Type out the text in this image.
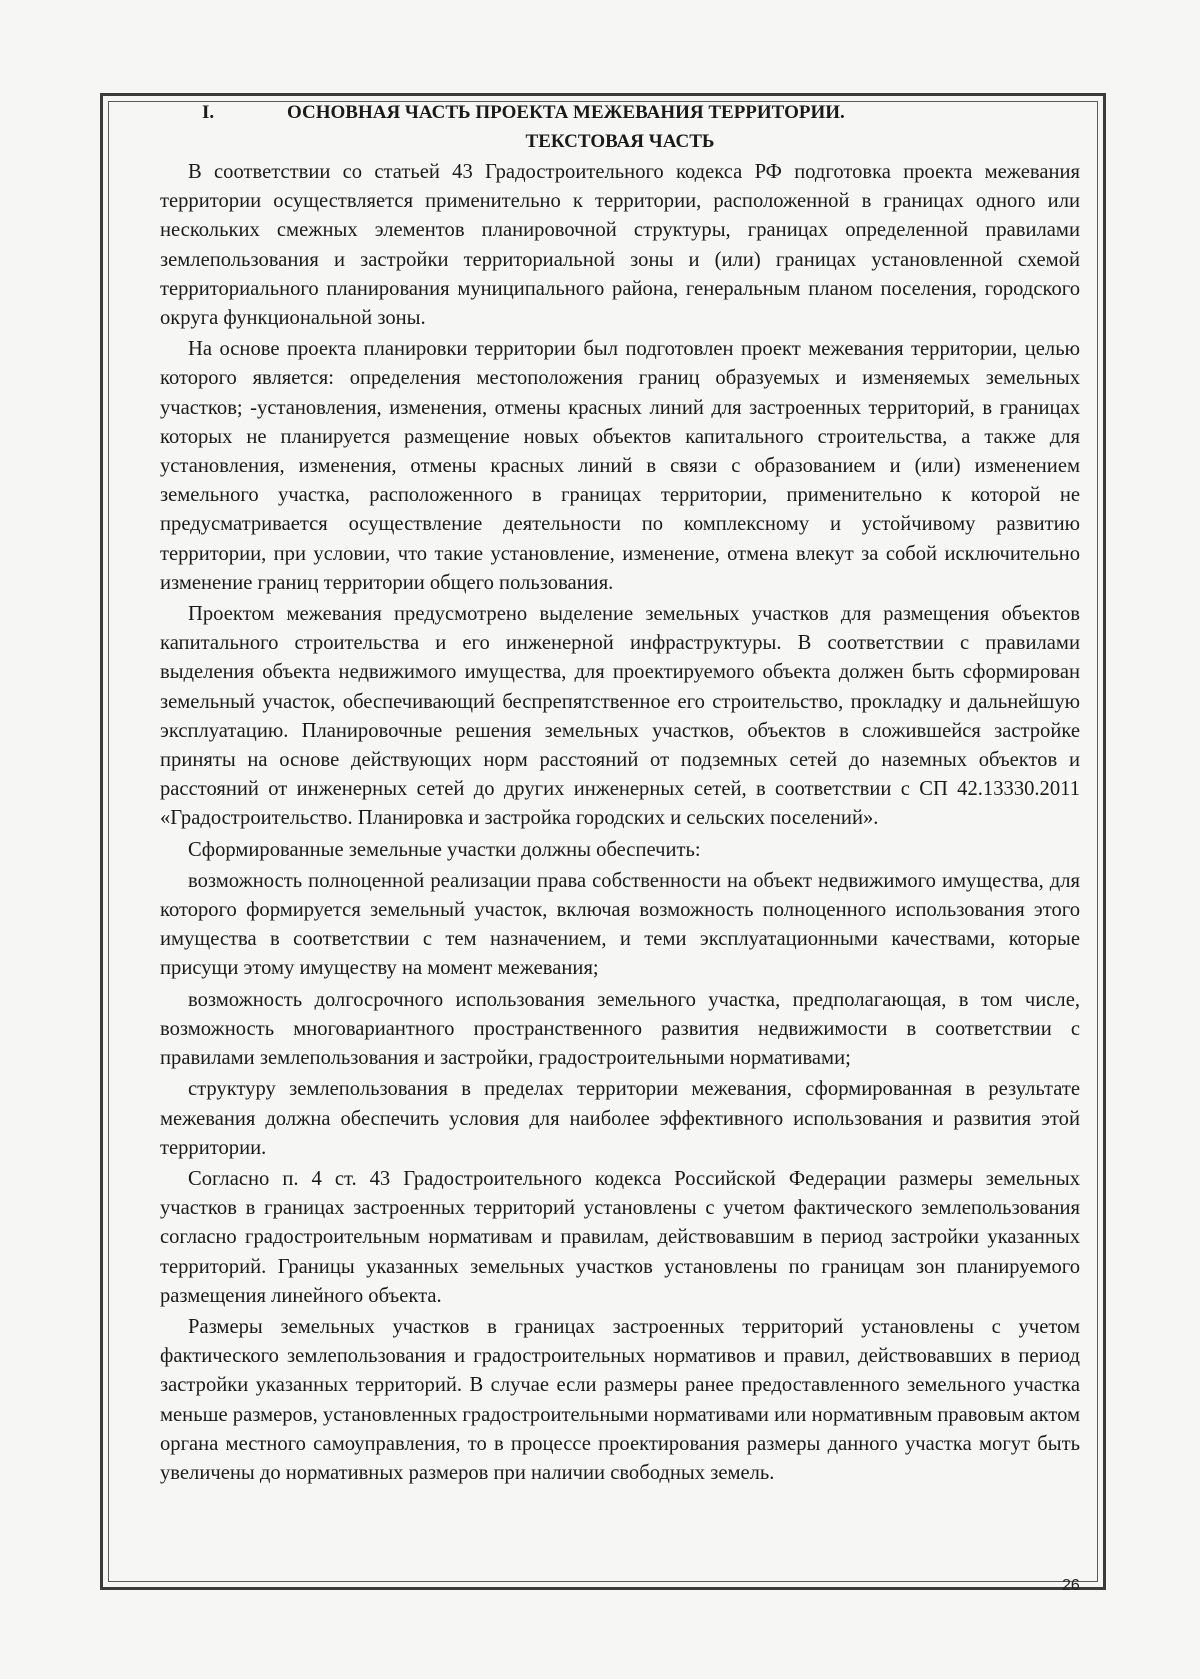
I.	ОСНОВНАЯ ЧАСТЬ ПРОЕКТА МЕЖЕВАНИЯ ТЕРРИТОРИИ.
ТЕКСТОВАЯ ЧАСТЬ

В соответствии со статьей 43 Градостроительного кодекса РФ подготовка проекта межевания территории осуществляется применительно к территории, расположенной в границах одного или нескольких смежных элементов планировочной структуры, границах определенной правилами землепользования и застройки территориальной зоны и (или) границах установленной схемой территориального планирования муниципального района, генеральным планом поселения, городского округа функциональной зоны.

На основе проекта планировки территории был подготовлен проект межевания территории, целью которого является: определения местоположения границ образуемых и изменяемых земельных участков; -установления, изменения, отмены красных линий для застроенных территорий, в границах которых не планируется размещение новых объектов капитального строительства, а также для установления, изменения, отмены красных линий в связи с образованием и (или) изменением земельного участка, расположенного в границах территории, применительно к которой не предусматривается осуществление деятельности по комплексному и устойчивому развитию территории, при условии, что такие установление, изменение, отмена влекут за собой исключительно изменение границ территории общего пользования.

Проектом межевания предусмотрено выделение земельных участков для размещения объектов капитального строительства и его инженерной инфраструктуры. В соответствии с правилами выделения объекта недвижимого имущества, для проектируемого объекта должен быть сформирован земельный участок, обеспечивающий беспрепятственное его строительство, прокладку и дальнейшую эксплуатацию. Планировочные решения земельных участков, объектов в сложившейся застройке приняты на основе действующих норм расстояний от подземных сетей до наземных объектов и расстояний от инженерных сетей до других инженерных сетей, в соответствии с СП 42.13330.2011 «Градостроительство. Планировка и застройка городских и сельских поселений».

Сформированные земельные участки должны обеспечить:

возможность полноценной реализации права собственности на объект недвижимого имущества, для которого формируется земельный участок, включая возможность полноценного использования этого имущества в соответствии с тем назначением, и теми эксплуатационными качествами, которые присущи этому имуществу на момент межевания;

возможность долгосрочного использования земельного участка, предполагающая, в том числе, возможность многовариантного пространственного развития недвижимости в соответствии с правилами землепользования и застройки, градостроительными нормативами;

структуру землепользования в пределах территории межевания, сформированная в результате межевания должна обеспечить условия для наиболее эффективного использования и развития этой территории.

Согласно п. 4 ст. 43 Градостроительного кодекса Российской Федерации размеры земельных участков в границах застроенных территорий установлены с учетом фактического землепользования согласно градостроительным нормативам и правилам, действовавшим в период застройки указанных территорий. Границы указанных земельных участков установлены по границам зон планируемого размещения линейного объекта.

Размеры земельных участков в границах застроенных территорий установлены с учетом фактического землепользования и градостроительных нормативов и правил, действовавших в период застройки указанных территорий. В случае если размеры ранее предоставленного земельного участка меньше размеров, установленных градостроительными нормативами или нормативным правовым актом органа местного самоуправления, то в процессе проектирования размеры данного участка могут быть увеличены до нормативных размеров при наличии свободных земель.

26
